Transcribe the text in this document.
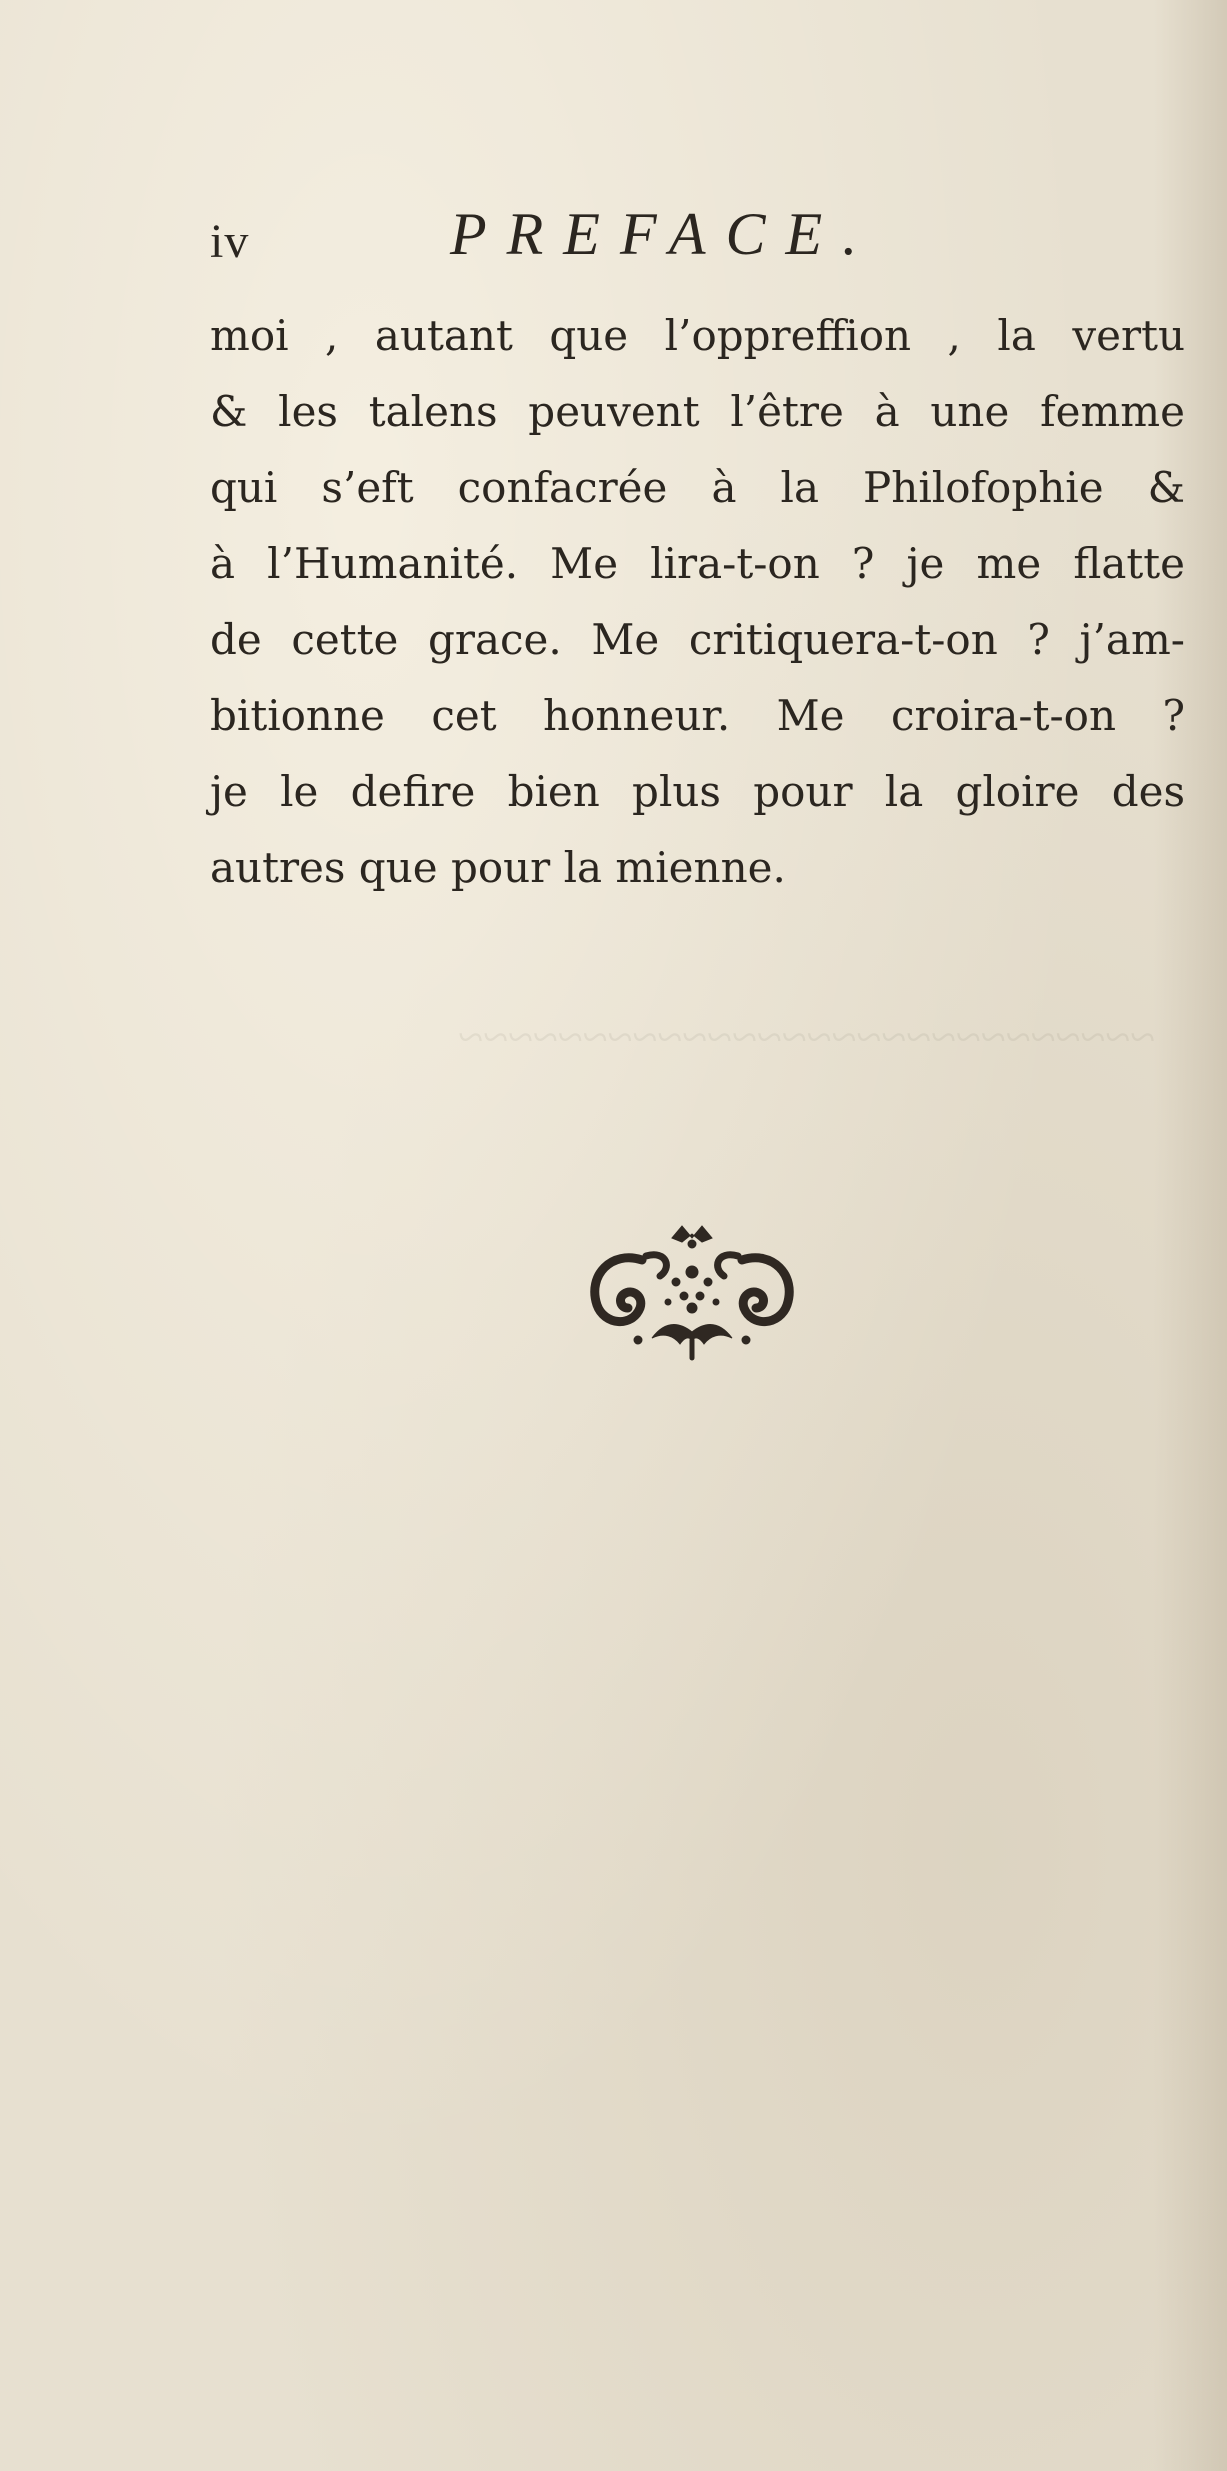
~~~~~~~~~~~~~~~~~~~~~~~~~~~~
iv	PREFACE.
moi , autant que l’oppreffion , la vertu
& les talens peuvent l’être à une femme
qui s’eft confacrée à la Philofophie &
à l’Humanité. Me lira-t-on ? je me flatte
de cette grace. Me critiquera-t-on ? j’am-
bitionne cet honneur. Me croira-t-on ?
je le defire bien plus pour la gloire des
autres que pour la mienne.
